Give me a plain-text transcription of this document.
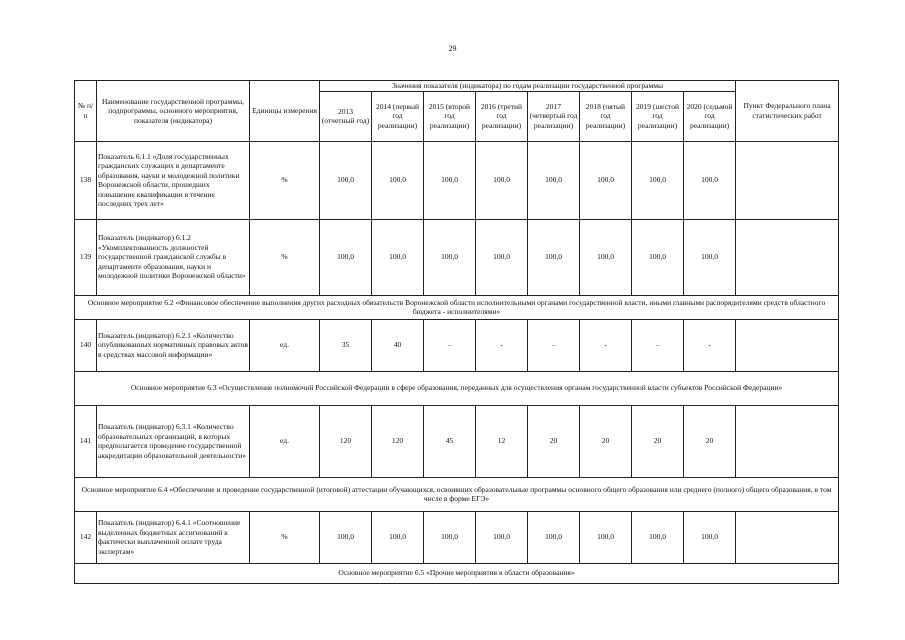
29
№ п/п	Наименование государственной программы, подпрограммы, основного мероприятия, показателя (индикатора)	Единицы измерения	Значения показателя (индикатора) по годам реализации государственной программы								Пункт Федерального плана статистических работ
			2013 (отчетный год)	2014 (первый год реализации)	2015 (второй год реализации)	2016 (третий год реализации)	2017 (четвертый год реализации)	2018 (пятый год реализации)	2019 (шестой год реализации)	2020 (седьмой год реализации)	
138	Показатель 6.1.1 «Доля государственных гражданских служащих в департаменте образования, науки и молодежной политики Воронежской области, прошедших повышение квалификации в течение последних трех лет»	%	100,0	100,0	100,0	100,0	100,0	100,0	100,0	100,0	
139	Показатель (индикатор) 6.1.2 «Укомплектованность должностей государственной гражданской службы в департаменте образования, науки и молодежной политики Воронежской области»	%	100,0	100,0	100,0	100,0	100,0	100,0	100,0	100,0	
Основное мероприятие 6.2 «Финансовое обеспечение выполнения других расходных обязательств Воронежской области исполнительными органами государственной власти, иными главными распорядителями средств областного бюджета - исполнителями»											
140	Показатель (индикатор) 6.2.1 «Количество опубликованных нормативных правовых актов в средствах массовой информации»	ед.	35	40	-	-	-	-	-	-	
Основное мероприятие 6.3 «Осуществление полномочий Российской Федерации в сфере образования, переданных для осуществления органам государственной власти субъектов Российской Федерации»											
141	Показатель (индикатор) 6.3.1 «Количество образовательных организаций, в которых предполагается проведение государственной аккредитации образовательной деятельности»	ед.	120	120	45	12	20	20	20	20	
Основное мероприятие 6.4 «Обеспечение и проведение государственной (итоговой) аттестации обучающихся, освоивших образовательные программы основного общего образования или среднего (полного) общего образования, в том числе в форме ЕГЭ»											
142	Показатель (индикатор) 6.4.1 «Соотношение выделенных бюджетных ассигнований к фактически выплаченной оплате труда экспертам»	%	100,0	100,0	100,0	100,0	100,0	100,0	100,0	100,0	
Основное мероприятие 6.5 «Прочие мероприятия в области образования»											
